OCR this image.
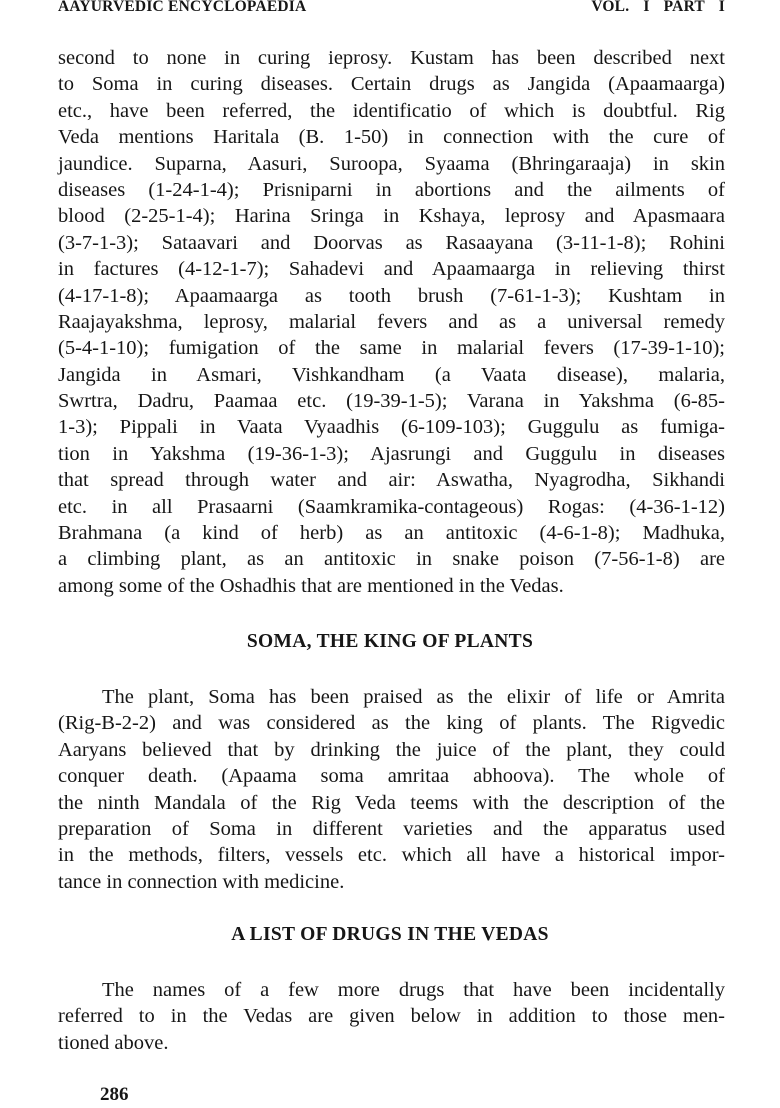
AAYURVEDIC ENCYCLOPAEDIA	VOL. I PART I
second to none in curing ieprosy. Kustam has been described next
to Soma in curing diseases. Certain drugs as Jangida (Apaamaarga)
etc., have been referred, the identificatio of which is doubtful. Rig
Veda mentions Haritala (B. 1-50) in connection with the cure of
jaundice. Suparna, Aasuri, Suroopa, Syaama (Bhringaraaja) in skin
diseases (1-24-1-4); Prisniparni in abortions and the ailments of
blood (2-25-1-4); Harina Sringa in Kshaya, leprosy and Apasmaara
(3-7-1-3); Sataavari and Doorvas as Rasaayana (3-11-1-8); Rohini
in factures (4-12-1-7); Sahadevi and Apaamaarga in relieving thirst
(4-17-1-8); Apaamaarga as tooth brush (7-61-1-3); Kushtam in
Raajayakshma, leprosy, malarial fevers and as a universal remedy
(5-4-1-10); fumigation of the same in malarial fevers (17-39-1-10);
Jangida in Asmari, Vishkandham (a Vaata disease), malaria,
Swrtra, Dadru, Paamaa etc. (19-39-1-5); Varana in Yakshma (6-85-
1-3); Pippali in Vaata Vyaadhis (6-109-103); Guggulu as fumiga-
tion in Yakshma (19-36-1-3); Ajasrungi and Guggulu in diseases
that spread through water and air: Aswatha, Nyagrodha, Sikhandi
etc. in all Prasaarni (Saamkramika-contageous) Rogas: (4-36-1-12)
Brahmana (a kind of herb) as an antitoxic (4-6-1-8); Madhuka,
a climbing plant, as an antitoxic in snake poison (7-56-1-8) are
among some of the Oshadhis that are mentioned in the Vedas.
SOMA, THE KING OF PLANTS
The plant, Soma has been praised as the elixir of life or Amrita
(Rig-B-2-2) and was considered as the king of plants. The Rigvedic
Aaryans believed that by drinking the juice of the plant, they could
conquer death. (Apaama soma amritaa abhoova). The whole of
the ninth Mandala of the Rig Veda teems with the description of the
preparation of Soma in different varieties and the apparatus used
in the methods, filters, vessels etc. which all have a historical impor-
tance in connection with medicine.
A LIST OF DRUGS IN THE VEDAS
The names of a few more drugs that have been incidentally
referred to in the Vedas are given below in addition to those men-
tioned above.
286
